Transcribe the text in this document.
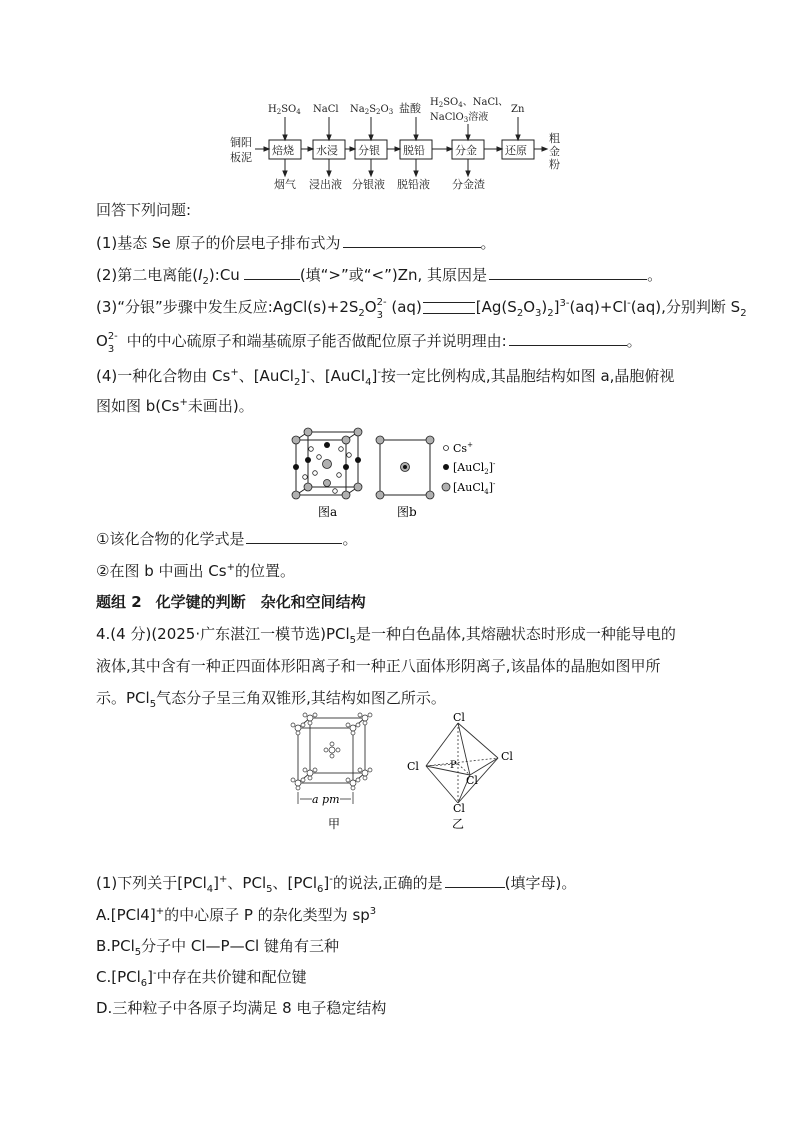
$H_2SO_4$ NaCl $Na_2S_2O_3$ 盐酸 $H_2SO_4$、NaCl、
NaClO$_3$溶液
Zn
铜阳
板泥
焙烧 水浸 分银 脱铅	分金	还原
粗
金
粉
烟气 浸出液 分银液 脱铅液 分金渣
回答下列问题:
(1)基态 Se 原子的价层电子排布式为	。
(2)第二电离能$(I_2):Cu$	(填“>”或“<”)Zn, 其原因是	。
(3)“分银”步骤中发生反应$:AgCl(s)+2S_2O$ 2-
3 (aq)	$[Ag(S_2O_3)_2]^{3-}(aq)+Cl^-(aq)$,分别判断 $S_2$
O 2-
3 中的中心硫原子和端基硫原子能否做配位原子并说明理由:	。
(4)一种化合物由 Cs+、[AuCl$_2$]-、[AuCl$_4$]-按一定比例构成,其晶胞结构如图 a,晶胞俯视
图如图 b(Cs+未画出)。
图a	图b
Cs+
[AuCl$_2$]-
[AuCl$_4$]-
①该化合物的化学式是	。
②在图 b 中画出 Cs+的位置。
题组 2 化学键的判断　杂化和空间结构
4.(4 分)(2025·广东湛江一模节选)PCl$_5$是一种白色晶体,其熔融状态时形成一种能导电的
液体,其中含有一种正四面体形阳离子和一种正八面体形阴离子,该晶体的晶胞如图甲所
示。PCl$_5$气态分子呈三角双锥形,其结构如图乙所示。
a pm
甲
Cl
Cl
Cl
Cl
Cl
P
乙
(1)下列关于[PCl$_4$]+、PCl$_5$、[PCl$_6$]-的说法,正确的是	(填字母)。
A.[PCl4]+的中心原子 P 的杂化类型为 $sp^3$
B.PCl$_5$分子中 Cl—P—Cl 键角有三种
C.[PCl$_6$]-中存在共价键和配位键
D.三种粒子中各原子均满足 8 电子稳定结构
